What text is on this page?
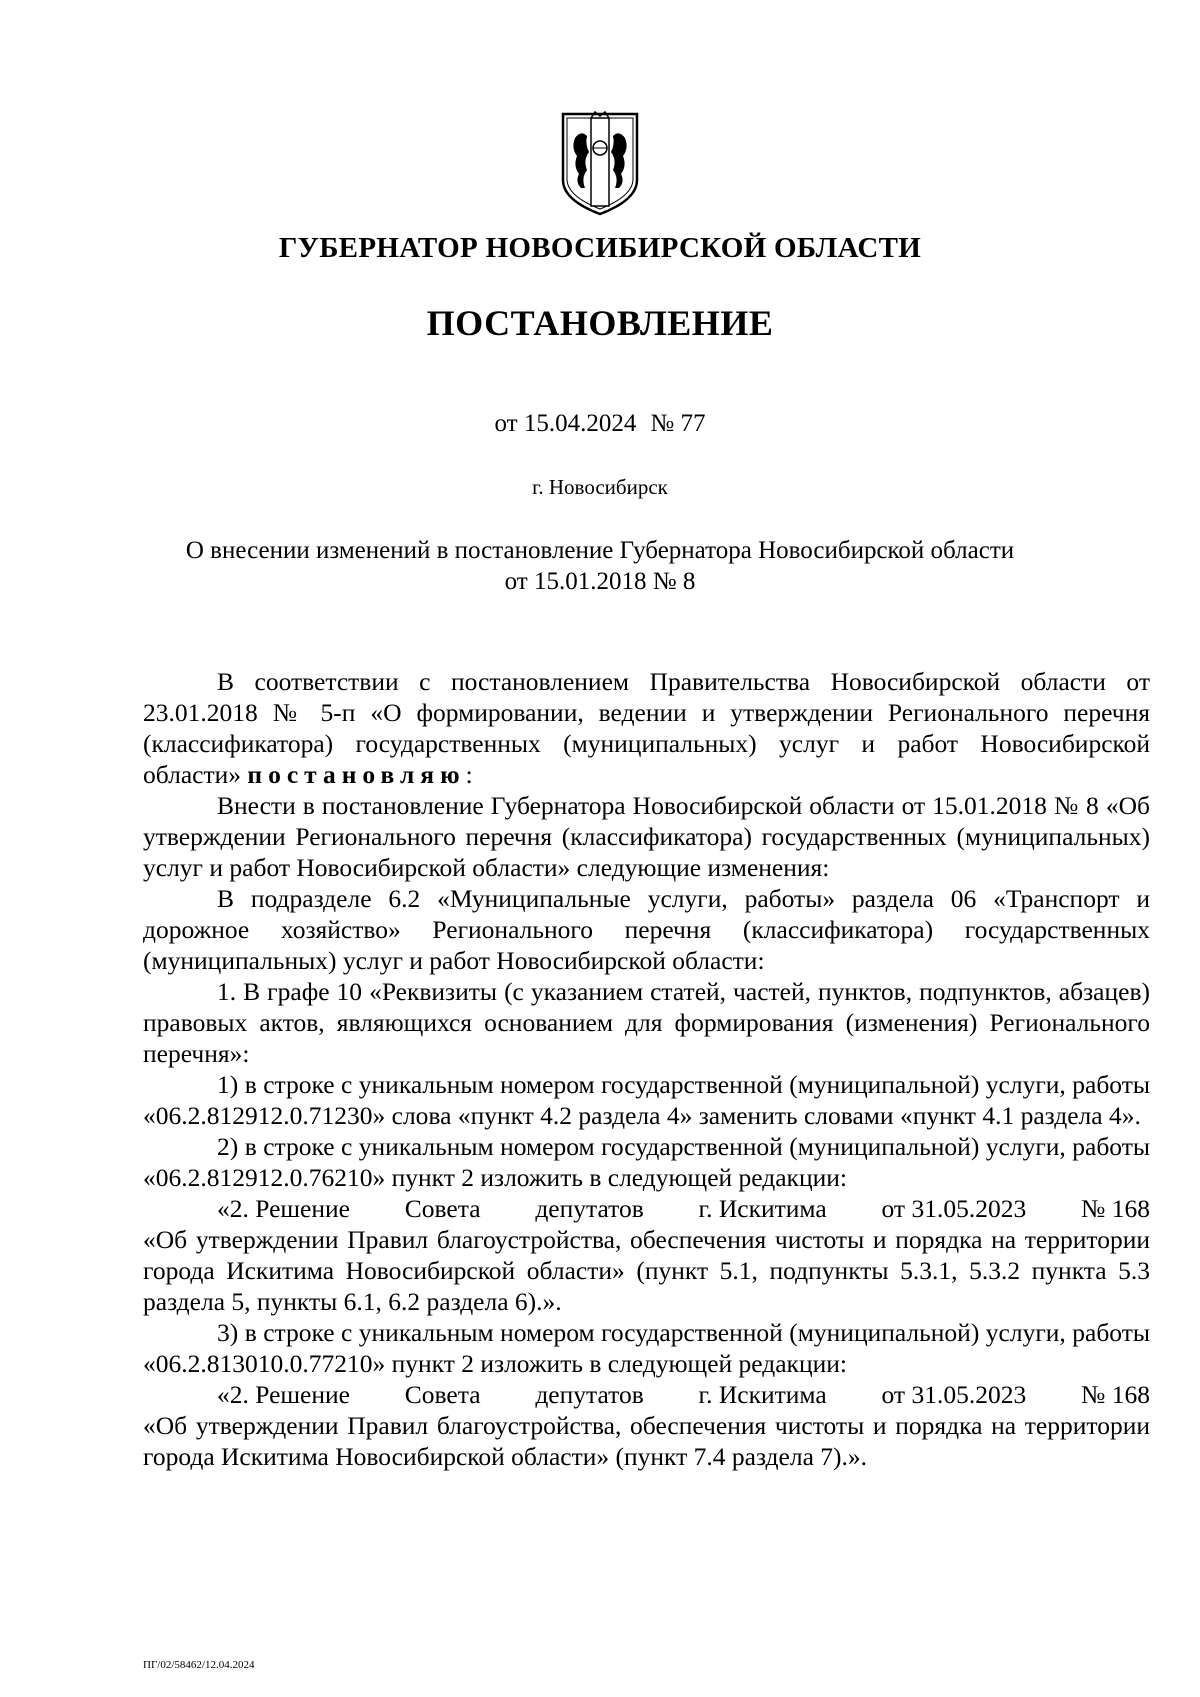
ГУБЕРНАТОР НОВОСИБИРСКОЙ ОБЛАСТИ
ПОСТАНОВЛЕНИЕ
от 15.04.2024 № 77
г. Новосибирск
О внесении изменений в постановление Губернатора Новосибирской области
от 15.01.2018 № 8

В соответствии с постановлением Правительства Новосибирской области от 23.01.2018 № 5-п «О формировании, ведении и утверждении Регионального перечня (классификатора) государственных (муниципальных) услуг и работ Новосибирской области» постановляю:

Внести в постановление Губернатора Новосибирской области от 15.01.2018 № 8 «Об утверждении Регионального перечня (классификатора) государственных (муниципальных) услуг и работ Новосибирской области» следующие изменения:

В подразделе 6.2 «Муниципальные услуги, работы» раздела 06 «Транспорт и дорожное хозяйство» Регионального перечня (классификатора) государственных (муниципальных) услуг и работ Новосибирской области:

1. В графе 10 «Реквизиты (с указанием статей, частей, пунктов, подпунктов, абзацев) правовых актов, являющихся основанием для формирования (изменения) Регионального перечня»:

1) в строке с уникальным номером государственной (муниципальной) услуги, работы «06.2.812912.0.71230» слова «пункт 4.2 раздела 4» заменить словами «пункт 4.1 раздела 4».

2) в строке с уникальным номером государственной (муниципальной) услуги, работы «06.2.812912.0.76210» пункт 2 изложить в следующей редакции:

«2. Решение Совета депутатов г. Искитима от 31.05.2023 № 168

«Об утверждении Правил благоустройства, обеспечения чистоты и порядка на территории города Искитима Новосибирской области» (пункт 5.1, подпункты 5.3.1, 5.3.2 пункта 5.3 раздела 5, пункты 6.1, 6.2 раздела 6).».

3) в строке с уникальным номером государственной (муниципальной) услуги, работы «06.2.813010.0.77210» пункт 2 изложить в следующей редакции:

«2. Решение Совета депутатов г. Искитима от 31.05.2023 № 168

«Об утверждении Правил благоустройства, обеспечения чистоты и порядка на территории города Искитима Новосибирской области» (пункт 7.4 раздела 7).».

ПГ/02/58462/12.04.2024
